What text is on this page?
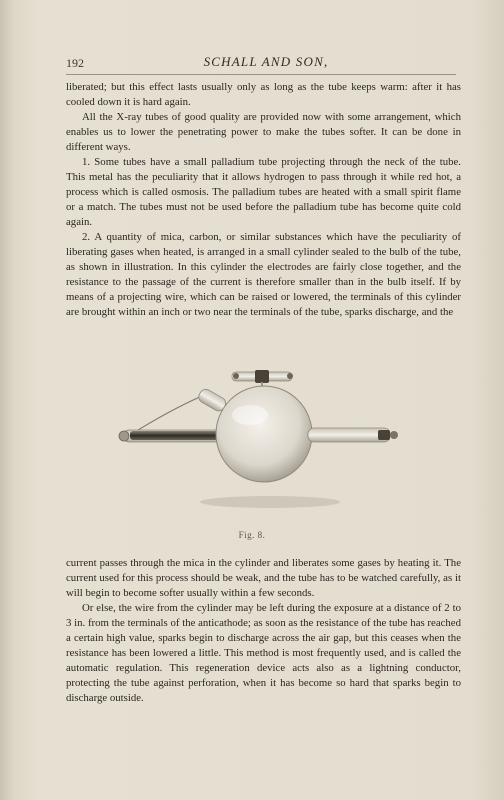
192	SCHALL AND SON,

liberated; but this effect lasts usually only as long as the tube keeps warm: after it has cooled down it is hard again.

All the X-ray tubes of good quality are provided now with some arrangement, which enables us to lower the penetrating power to make the tubes softer. It can be done in different ways.

1. Some tubes have a small palladium tube projecting through the neck of the tube. This metal has the peculiarity that it allows hydrogen to pass through it while red hot, a process which is called osmosis. The palladium tubes are heated with a small spirit flame or a match. The tubes must not be used before the palladium tube has become quite cold again.

2. A quantity of mica, carbon, or similar substances which have the peculiarity of liberating gases when heated, is arranged in a small cylinder sealed to the bulb of the tube, as shown in illustration. In this cylinder the electrodes are fairly close together, and the resistance to the passage of the current is therefore smaller than in the bulb itself. If by means of a projecting wire, which can be raised or lowered, the terminals of this cylinder are brought within an inch or two near the terminals of the tube, sparks discharge, and the

Fig. 8.

current passes through the mica in the cylinder and liberates some gases by heating it. The current used for this process should be weak, and the tube has to be watched carefully, as it will begin to become softer usually within a few seconds.

Or else, the wire from the cylinder may be left during the exposure at a distance of 2 to 3 in. from the terminals of the anticathode; as soon as the resistance of the tube has reached a certain high value, sparks begin to discharge across the air gap, but this ceases when the resistance has been lowered a little. This method is most frequently used, and is called the automatic regulation. This regeneration device acts also as a lightning conductor, protecting the tube against perforation, when it has become so hard that sparks begin to discharge outside.
